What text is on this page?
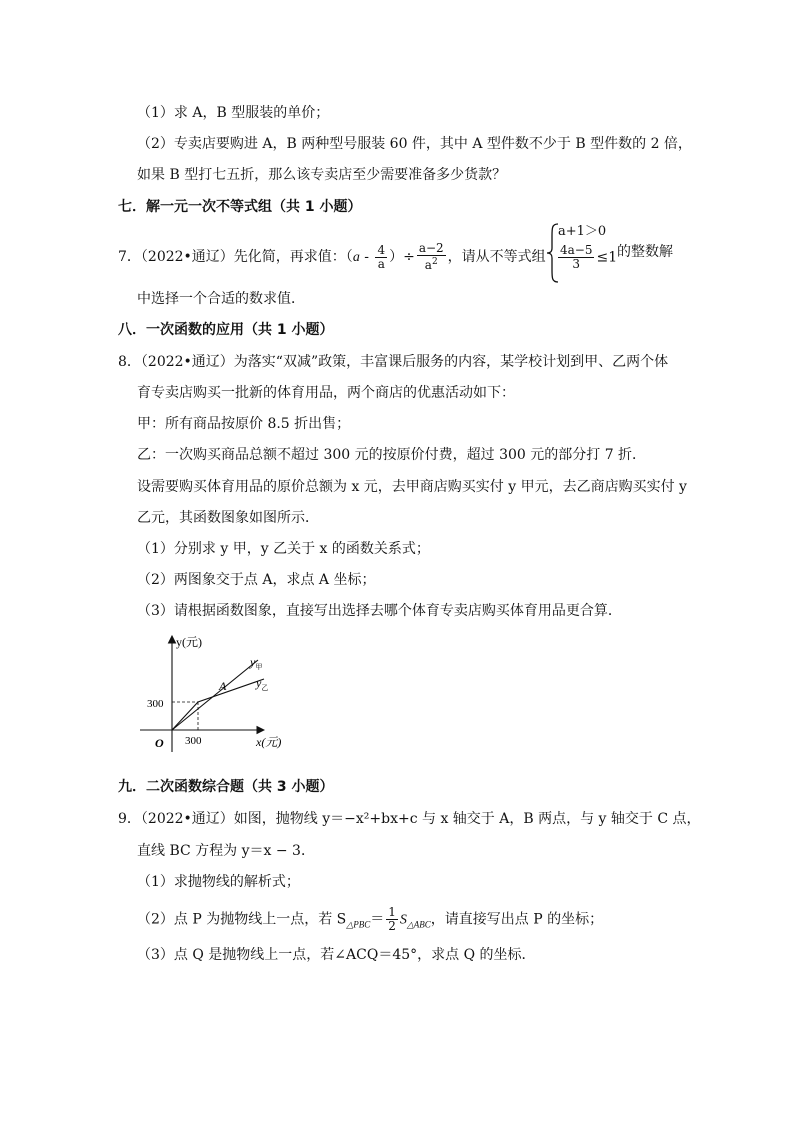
（1）求 A，B 型服装的单价；
（2）专卖店要购进 A，B 两种型号服装 60 件，其中 A 型件数不少于 B 型件数的 2 倍，
如果 B 型打七五折，那么该专卖店至少需要准备多少货款？
七．解一元一次不等式组（共 1 小题）
7．（2022•通辽）先化简，再求值：（$a - \frac{4}{a}$ ）÷ $\frac{a-2}{a^2}$ ，请从不等式组
a+1＞0
$\frac{4a-5}{3} \le 1$ 的整数解
中选择一个合适的数求值．
八．一次函数的应用（共 1 小题）
8．（2022•通辽）为落实“双减”政策，丰富课后服务的内容，某学校计划到甲、乙两个体
育专卖店购买一批新的体育用品，两个商店的优惠活动如下：
甲：所有商品按原价 8.5 折出售；
乙：一次购买商品总额不超过 300 元的按原价付费，超过 300 元的部分打 7 折．
设需要购买体育用品的原价总额为 x 元，去甲商店购买实付 y 甲元，去乙商店购买实付 y
乙元，其函数图象如图所示．
（1）分别求 y 甲，y 乙关于 x 的函数关系式；
（2）两图象交于点 A，求点 A 坐标；
（3）请根据函数图象，直接写出选择去哪个体育专卖店购买体育用品更合算．
y(元)
x(元)
O 300
300
A
$y_甲$
$y_乙$
九．二次函数综合题（共 3 小题）
9．（2022•通辽）如图，抛物线 y＝−x²+bx+c 与 x 轴交于 A，B 两点，与 y 轴交于 C 点，
直线 BC 方程为 y＝x − 3．
（1）求抛物线的解析式；
（2）点 P 为抛物线上一点，若 $S_{\triangle PBC}= \frac{1}{2} S_{\triangle ABC}$，请直接写出点 P 的坐标；
（3）点 Q 是抛物线上一点，若∠ACQ＝45°，求点 Q 的坐标．
